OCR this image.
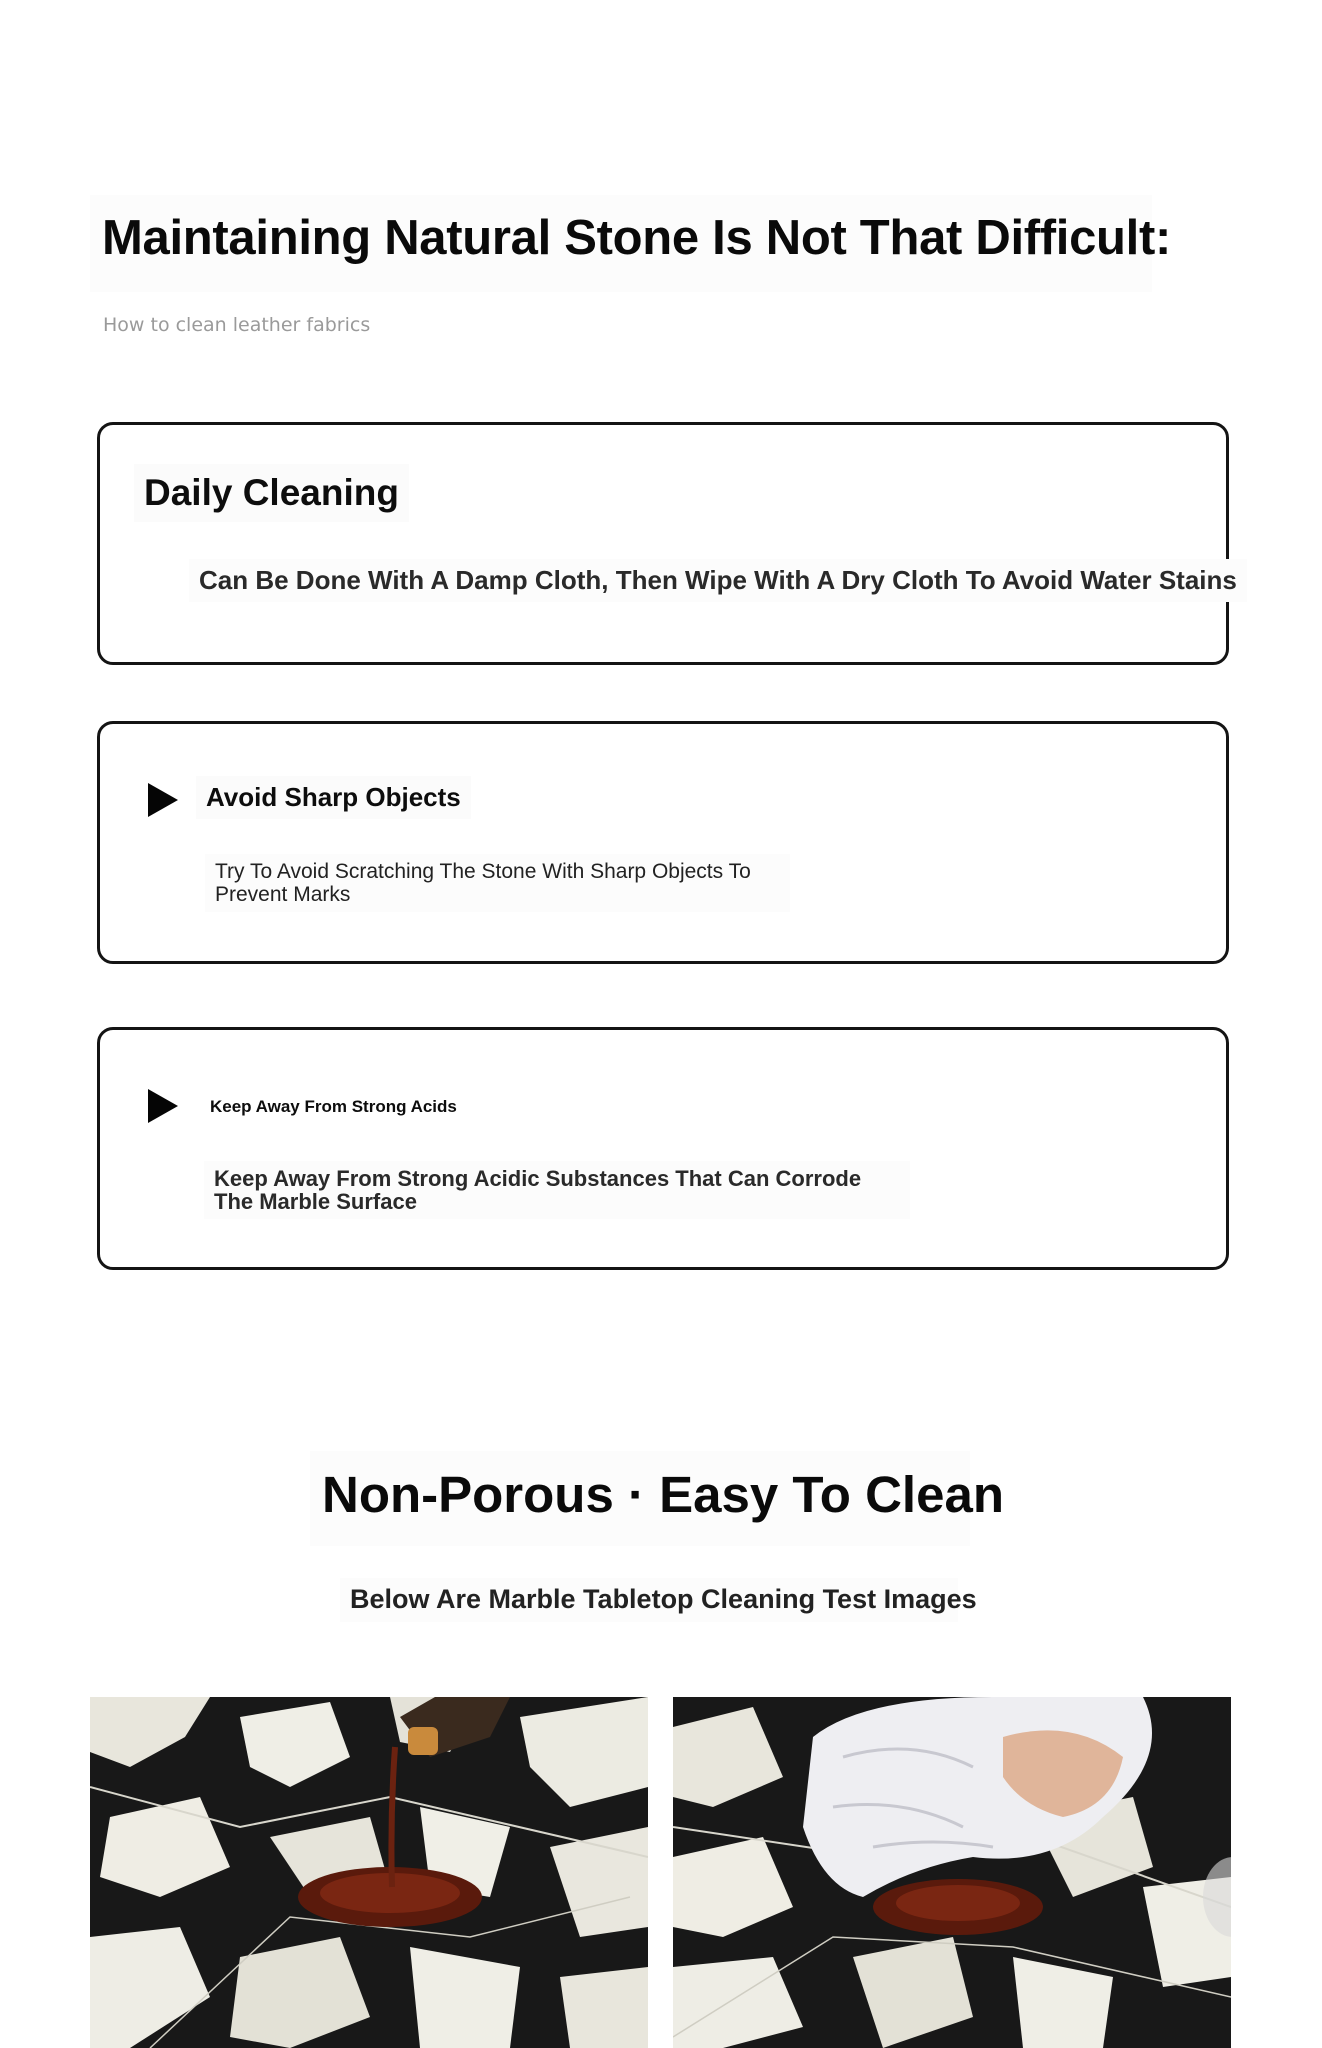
Maintaining Natural Stone Is Not That Difficult:
How to clean leather fabrics
Daily Cleaning

Can Be Done With A Damp Cloth, Then Wipe With A Dry Cloth To Avoid Water Stains

Avoid Sharp Objects

Try To Avoid Scratching The Stone With Sharp Objects To Prevent Marks

Keep Away From Strong Acids

Keep Away From Strong Acidic Substances That Can Corrode The Marble Surface

Non-Porous · Easy To Clean
Below Are Marble Tabletop Cleaning Test Images
